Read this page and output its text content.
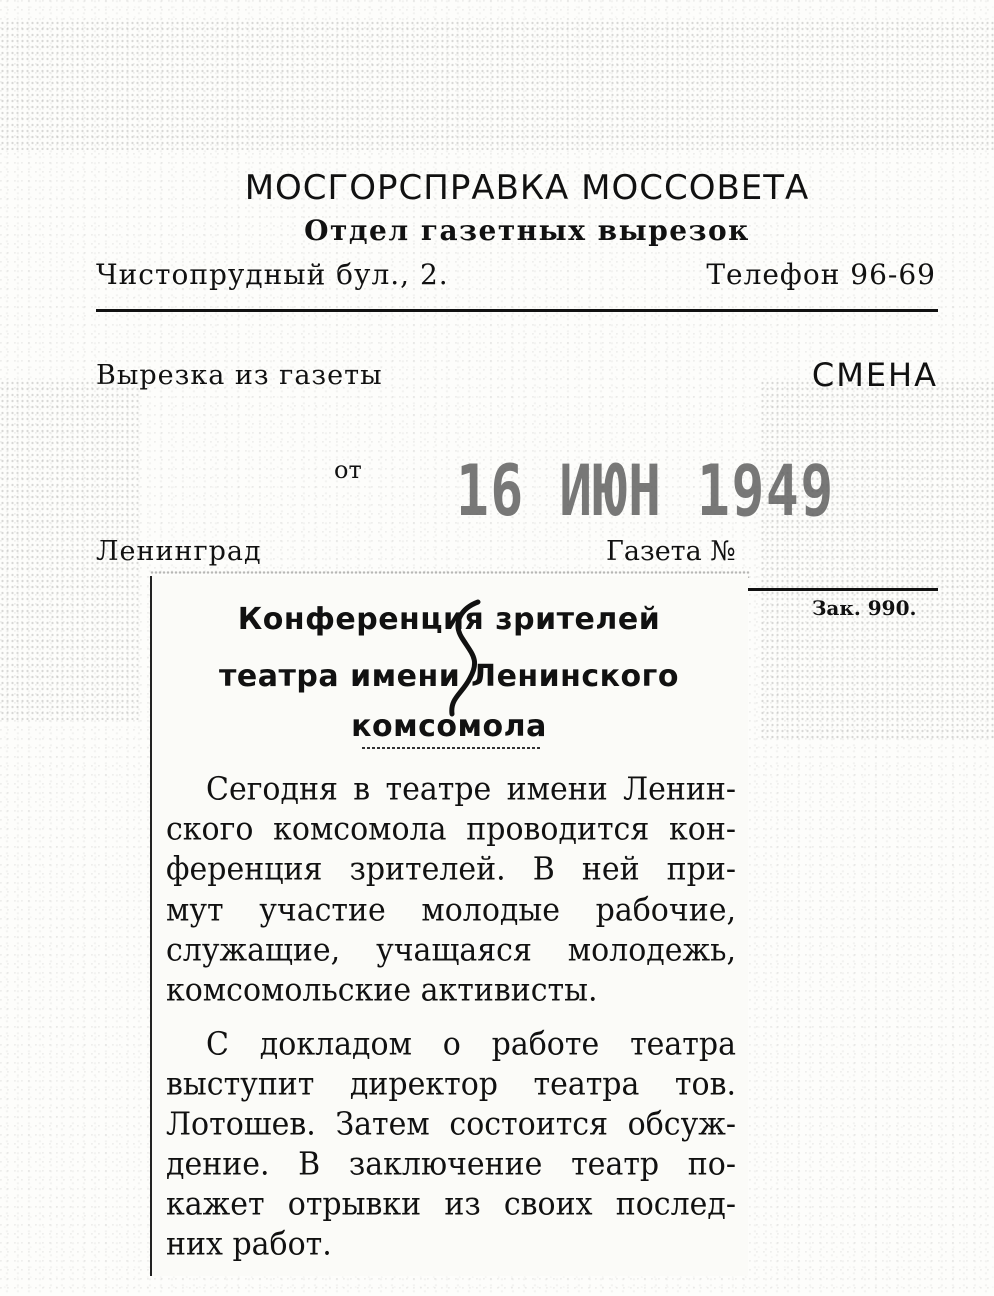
МОСГОРСПРАВКА МОССОВЕТА
Отдел газетных вырезок
Чистопрудный бул., 2.	Телефон 96-69
Вырезка из газеты	СМЕНА
от 16 ИЮН 1949
Ленинград	Газета №
Зак. 990.
Конференция зрителей
театра имени Ленинского
комсомола
Сегодня в театре имени Ленин-
ского комсомола проводится кон-
ференция зрителей. В ней при-
мут участие молодые рабочие,
служащие, учащаяся молодежь,
комсомольские активисты.
С докладом о работе театра
выступит директор театра тов.
Лотошев. Затем состоится обсуж-
дение. В заключение театр по-
кажет отрывки из своих послед-
них работ.
